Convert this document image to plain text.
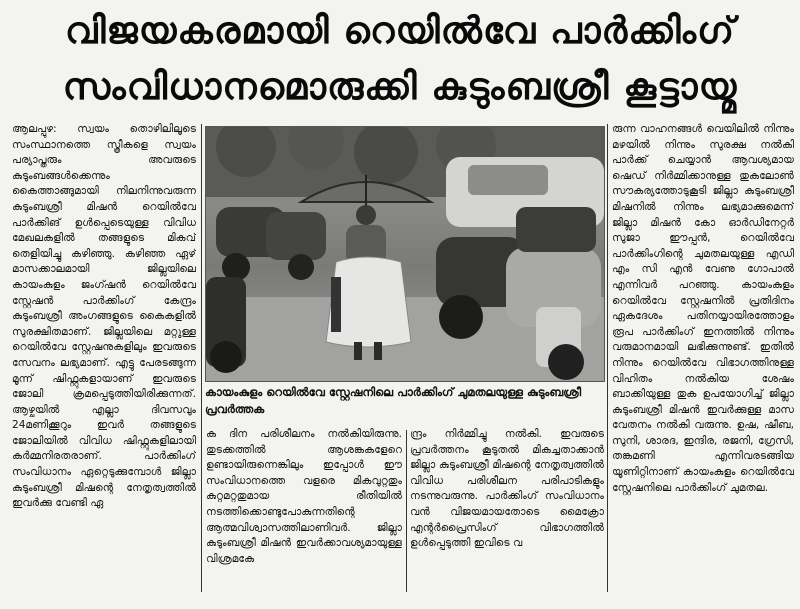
വിജയകരമായി റെയിൽവേ പാർക്കിംഗ്
സംവിധാനമൊരുക്കി കുടുംബശ്രീ കൂട്ടായ്മ

ആലപ്പുഴ: സ്വയം തൊഴിലിലൂടെ സംസ്ഥാനത്തെ സ്ത്രീകളെ സ്വയം പര്യാപ്തരും അവരുടെ കുടുംബങ്ങൾക്കെന്നും കൈത്താങ്ങുമായി നിലനിന്നുവരുന്ന കുടുംബശ്രീ മിഷൻ റെയിൽവേ പാർക്കിങ് ഉൾപ്പെടെയുള്ള വിവിധ മേഖലകളിൽ തങ്ങളുടെ മികവ് തെളിയിച്ചു കഴിഞ്ഞു. കഴിഞ്ഞ ഏഴ് മാസക്കാലമായി ജില്ലയിലെ കായംകുളം ജംഗ്ഷൻ റെയിൽവേ സ്റ്റേഷൻ പാർക്കിംഗ് കേന്ദ്രം കുടുംബശ്രീ അംഗങ്ങളുടെ കൈകളിൽ സുരക്ഷിതമാണ്. ജില്ലയിലെ മറ്റുള്ള റെയിൽവേ സ്റ്റേഷനുകളിലും ഇവരുടെ സേവനം ലഭ്യമാണ്. എട്ടു പേരടങ്ങുന്ന മൂന്ന് ഷിഫ്റ്റുകളായാണ് ഇവരുടെ ജോലി ക്രമപ്പെടുത്തിയിരിക്കുന്നത്. ആഴ്ചയിൽ എല്ലാ ദിവസവും 24മണിക്കൂറും ഇവർ തങ്ങളുടെ ജോലിയിൽ വിവിധ ഷിഫ്റ്റുകളിലായി കർമ്മനിരതരാണ്. പാർക്കിംഗ് സംവിധാനം ഏറ്റെടുക്കുമ്പോൾ ജില്ലാ കുടുംബശ്രീ മിഷന്റെ നേതൃത്വത്തിൽ ഇവർക്കു വേണ്ടി ഏ

കായംകുളം റെയിൽവേ സ്റ്റേഷനിലെ പാർക്കിംഗ് ചുമതലയുള്ള കുടുംബശ്രീ പ്രവർത്തക

ക ദിന പരിശീലനം നൽകിയിരുന്നു. തുടക്കത്തിൽ ആശങ്കകളേറെ ഉണ്ടായിരുന്നെങ്കിലും ഇപ്പോൾ ഈ സംവിധാനത്തെ വളരെ മികവുറ്റതും കുറ്റമറ്റതുമായ രീതിയിൽ നടത്തിക്കൊണ്ടുപോകുന്നതിന്റെ ആത്മവിശ്വാസത്തിലാണിവർ. ജില്ലാ കുടുംബശ്രീ മിഷൻ ഇവർക്കാവശ്യമായുള്ള വിശ്രമകേ

ന്ദ്രം നിർമ്മിച്ചു നൽകി. ഇവരുടെ പ്രവർത്തനം കൂടുതൽ മികച്ചതാക്കാൻ ജില്ലാ കുടുംബശ്രീ മിഷന്റെ നേതൃത്വത്തിൽ വിവിധ പരിശീലന പരിപാടികളും നടന്നുവരുന്നു. പാർക്കിംഗ് സംവിധാനം വൻ വിജയമായതോടെ മൈക്രോ എന്റർപ്രൈസിംഗ് വിഭാഗത്തിൽ ഉൾപ്പെടുത്തി ഇവിടെ വ

രുന്ന വാഹനങ്ങൾ വെയിലിൽ നിന്നും മഴയിൽ നിന്നും സുരക്ഷ നൽകി പാർക്ക് ചെയ്യാൻ ആവശ്യമായ ഷെഡ് നിർമ്മിക്കാനുള്ള തുകലോൺ സൗകര്യത്തോടുകൂടി ജില്ലാ കുടുംബശ്രീ മിഷനിൽ നിന്നും ലഭ്യമാക്കുമെന്ന് ജില്ലാ മിഷൻ കോ ഓർഡിനേറ്റർ സുജാ ഈപ്പൻ, റെയിൽവേ പാർക്കിംഗിന്റെ ചുമതലയുള്ള എഡി എം സി എൻ വേണു ഗോപാൽ എന്നിവർ പറഞ്ഞു. കായംകുളം റെയിൽവേ സ്റ്റേഷനിൽ പ്രതിദിനം ഏകദേശം പതിനയ്യായിരത്തോളം രൂപ പാർക്കിംഗ് ഇനത്തിൽ നിന്നും വരുമാനമായി ലഭിക്കുന്നുണ്ട്. ഇതിൽ നിന്നും റെയിൽവേ വിഭാഗത്തിനുള്ള വിഹിതം നൽകിയ ശേഷം ബാക്കിയുള്ള തുക ഉപയോഗിച്ച് ജില്ലാ കുടുംബശ്രീ മിഷൻ ഇവർക്കുള്ള മാസ വേതനം നൽകി വരുന്നു. ഉഷ, ഷീബ, സുനി, ശാരദ, ഇന്ദിര, രജനി, ഗ്രേസി, തങ്കമണി എന്നിവരടങ്ങിയ യൂണിറ്റിനാണ് കായംകുളം റെയിൽവേ സ്റ്റേഷനിലെ പാർക്കിംഗ് ചുമതല.
